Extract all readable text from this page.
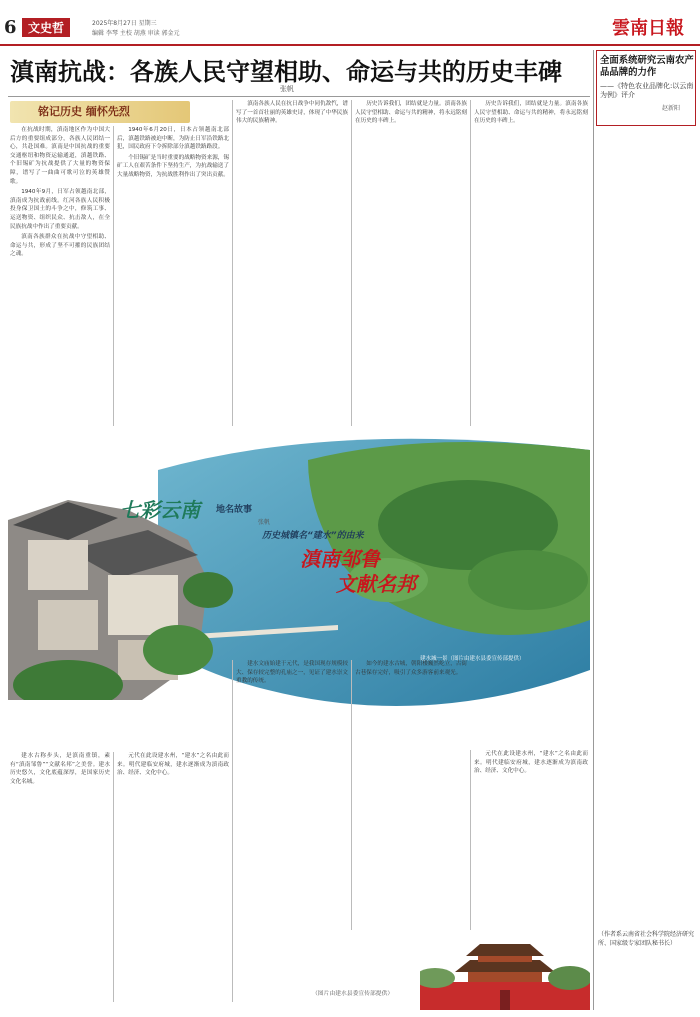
6 文史哲	2025年8月27日 星期三
编辑 李琴 主校 胡燕 审读 郭金元	雲南日報
滇南抗战：各族人民守望相助、命运与共的历史丰碑
张帆
铭记历史 缅怀先烈

在抗战时期，滇南地区作为中国大后方的重要组成部分，各族人民团结一心，共赴国难。滇南是中国抗战的重要交通枢纽和物资运输通道，滇越铁路、个旧锡矿为抗战提供了大量的物资保障，谱写了一曲曲可歌可泣的英雄赞歌。

1940年9月，日军占领越南北部，滇南成为抗战前线。红河各族人民积极投身保卫国土的斗争之中，修筑工事、运送物资、组织民众、抗击敌人，在全民族抗战中作出了重要贡献。

滇南各族群众在抗战中守望相助、命运与共，形成了坚不可摧的民族团结之魂。

1940年6月20日，日本占领越南北部后，滇越铁路被迫中断，为防止日军沿铁路北犯，国民政府下令拆除部分滇越铁路路段。

个旧锡矿是当时重要的战略物资来源，锡矿工人在艰苦条件下坚持生产，为抗战输送了大量战略物资，为抗战胜利作出了突出贡献。

滇南各族人民在抗日战争中同仇敌忾，谱写了一首首壮丽的英雄史诗，体现了中华民族伟大的民族精神。

历史告诉我们，团结就是力量。滇南各族人民守望相助、命运与共的精神，将永远铭刻在历史的丰碑上。

历史告诉我们，团结就是力量。滇南各族人民守望相助、命运与共的精神，将永远铭刻在历史的丰碑上。

七彩云南 地名故事
张帆
历史城镇名“建水”的由来
滇南邹鲁
文献名邦
建水城一景（图片由建水县委宣传部提供）

建水古称步头，是滇南重镇，素有“滇南邹鲁”“文献名邦”之美誉。建水历史悠久，文化底蕴深厚，是国家历史文化名城。

元代在此设建水州，“建水”之名由此而来。明代建临安府城，建水逐渐成为滇南政治、经济、文化中心。

建水文庙始建于元代，是我国现存规模较大、保存较完整的孔庙之一，见证了建水崇文重教的传统。

如今的建水古城，朝阳楼巍然屹立，古街古巷保存完好，吸引了众多游客前来观光。

元代在此设建水州，“建水”之名由此而来。明代建临安府城，建水逐渐成为滇南政治、经济、文化中心。

（图片由建水县委宣传部提供）
全面系统研究云南农产品品牌的力作
——《特色农业品牌化:以云南为例》评介
赵新阳
（作者系云南省社会科学院经济研究所、国家级专家团队秘书长）
